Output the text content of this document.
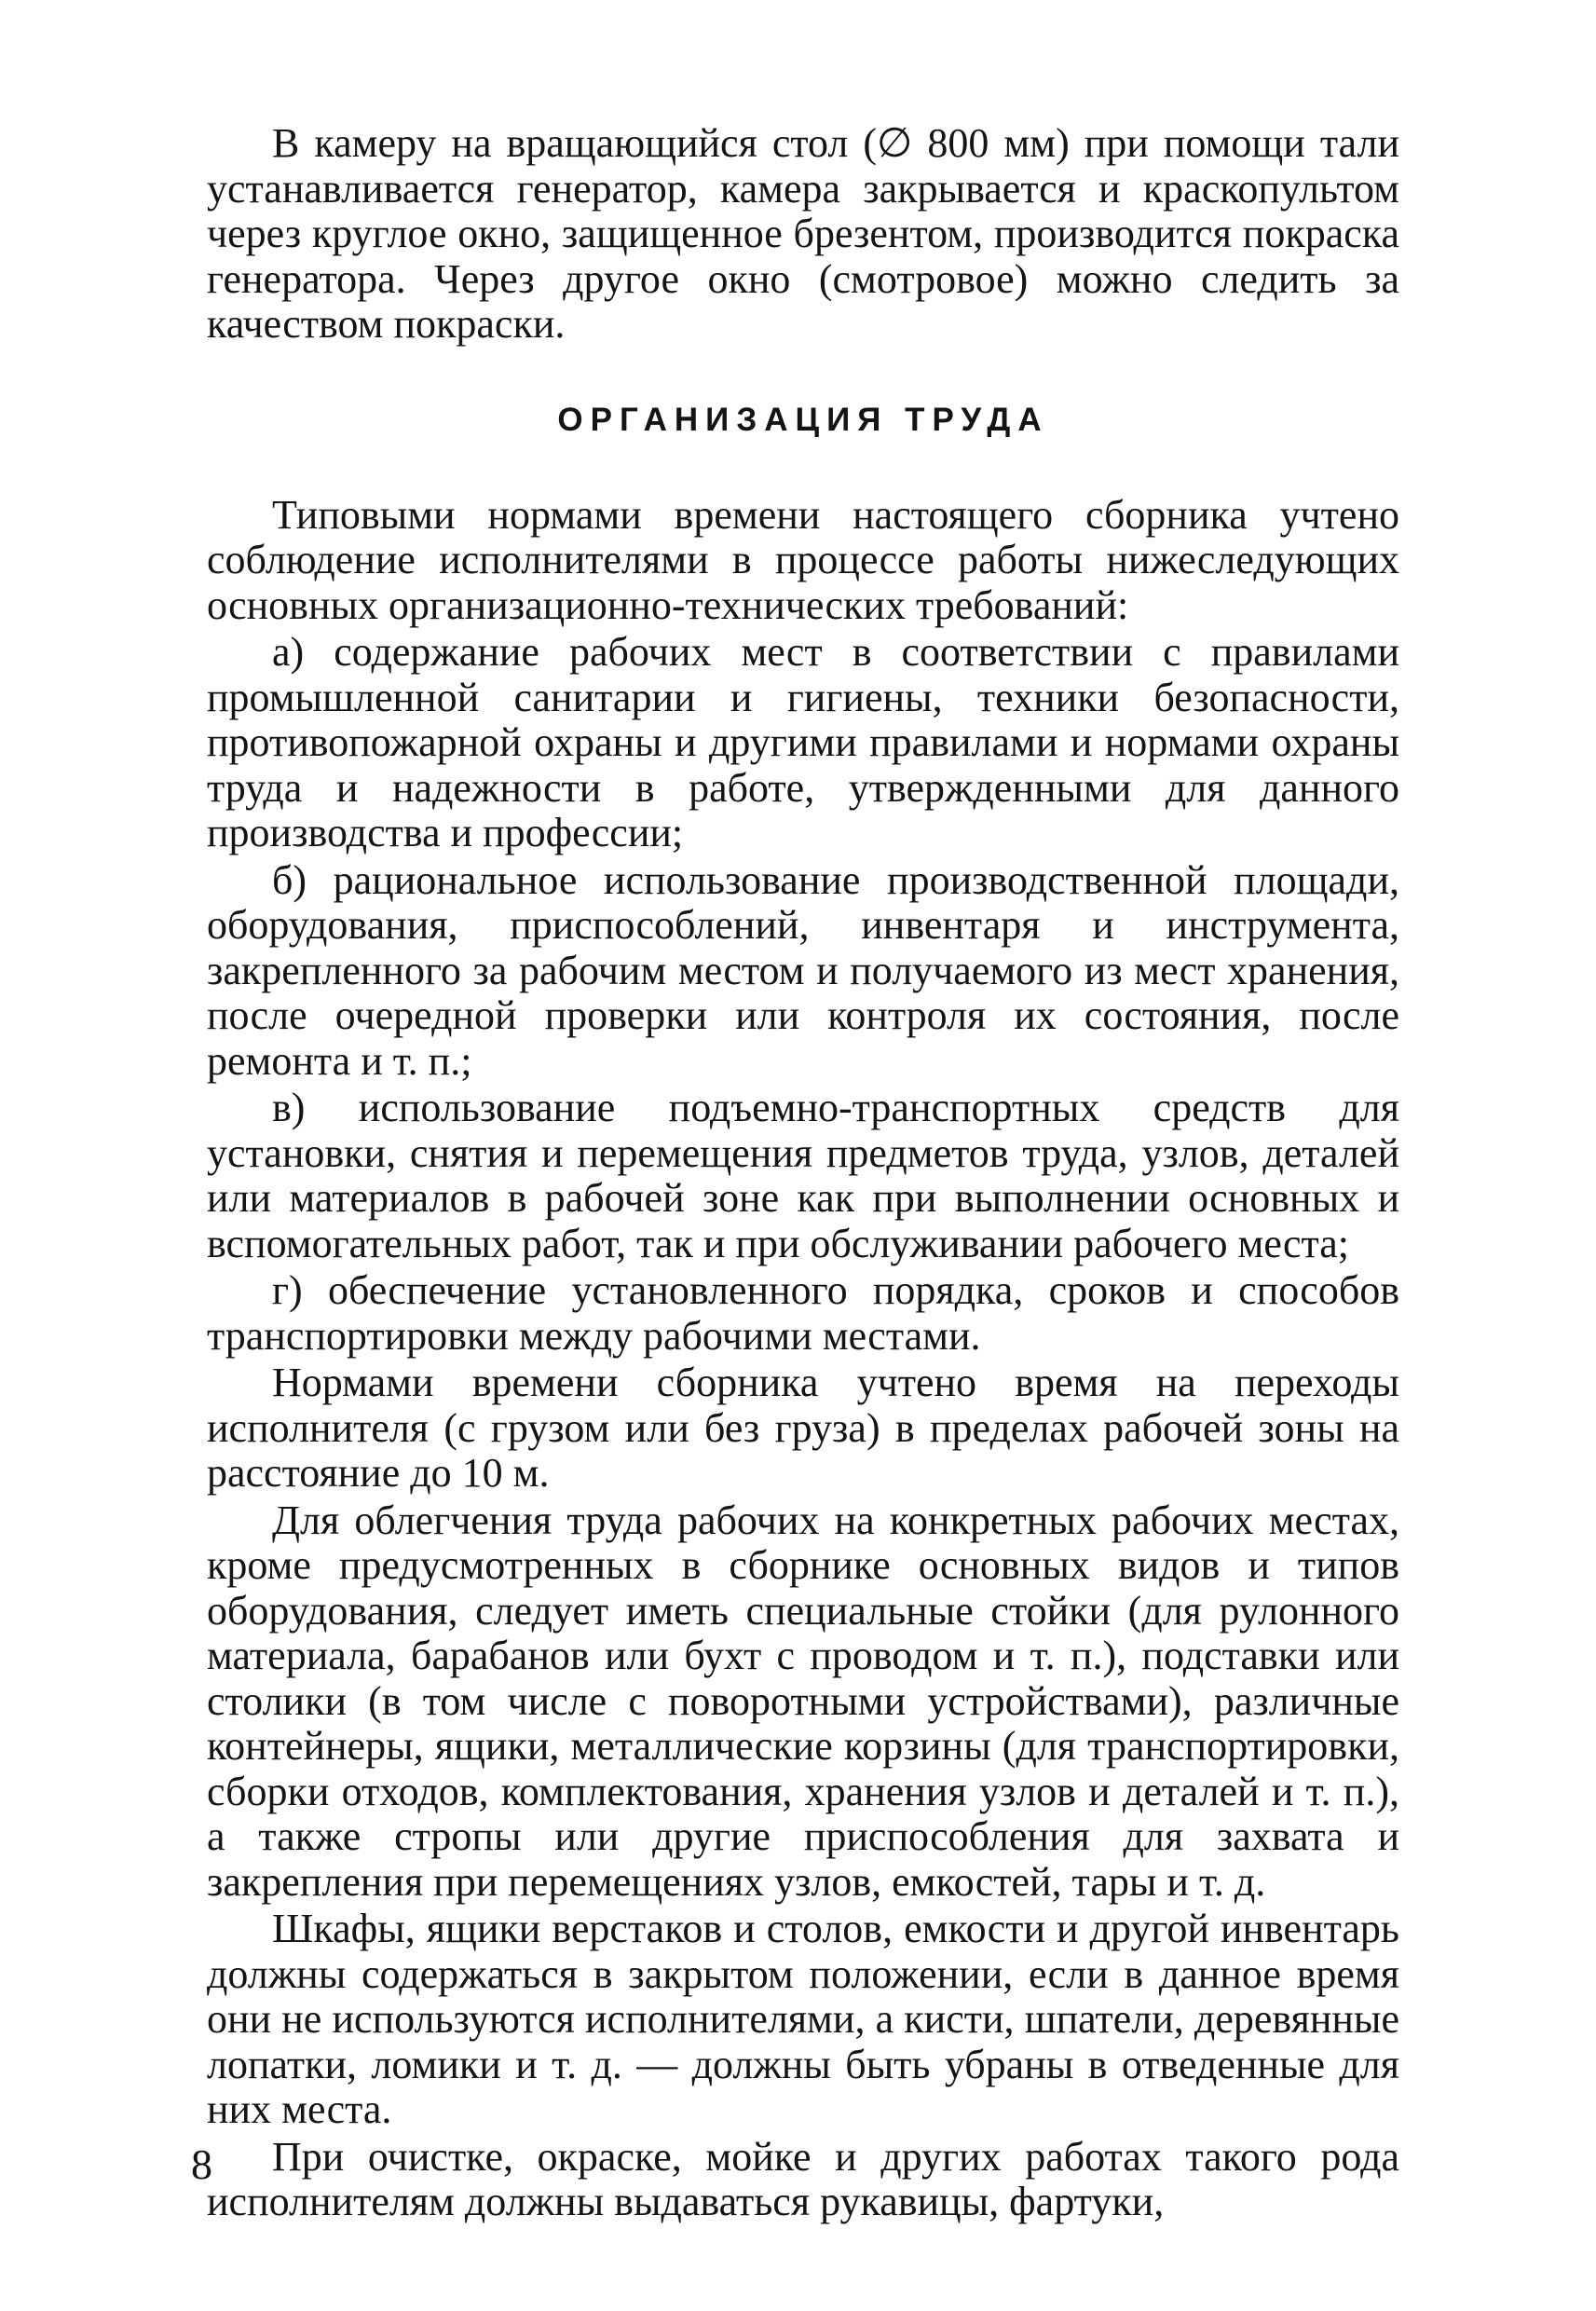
В камеру на вращающийся стол (∅ 800 мм) при помощи тали устанавливается генератор, камера закрывается и краскопультом через круглое окно, защищенное брезентом, производится покраска генератора. Через другое окно (смотровое) можно следить за качеством покраски.

ОРГАНИЗАЦИЯ ТРУДА

Типовыми нормами времени настоящего сборника учтено соблюдение исполнителями в процессе работы нижеследующих основных организационно-технических требований:

а) содержание рабочих мест в соответствии с правилами промышленной санитарии и гигиены, техники безопасности, противопожарной охраны и другими правилами и нормами охраны труда и надежности в работе, утвержденными для данного производства и профессии;

б) рациональное использование производственной площади, оборудования, приспособлений, инвентаря и инструмента, закрепленного за рабочим местом и получаемого из мест хранения, после очередной проверки или контроля их состояния, после ремонта и т. п.;

в) использование подъемно-транспортных средств для установки, снятия и перемещения предметов труда, узлов, деталей или материалов в рабочей зоне как при выполнении основных и вспомогательных работ, так и при обслуживании рабочего места;

г) обеспечение установленного порядка, сроков и способов транспортировки между рабочими местами.

Нормами времени сборника учтено время на переходы исполнителя (с грузом или без груза) в пределах рабочей зоны на расстояние до 10 м.

Для облегчения труда рабочих на конкретных рабочих местах, кроме предусмотренных в сборнике основных видов и типов оборудования, следует иметь специальные стойки (для рулонного материала, барабанов или бухт с проводом и т. п.), подставки или столики (в том числе с поворотными устройствами), различные контейнеры, ящики, металлические корзины (для транспортировки, сборки отходов, комплектования, хранения узлов и деталей и т. п.), а также стропы или другие приспособления для захвата и закрепления при перемещениях узлов, емкостей, тары и т. д.

Шкафы, ящики верстаков и столов, емкости и другой инвентарь должны содержаться в закрытом положении, если в данное время они не используются исполнителями, а кисти, шпатели, деревянные лопатки, ломики и т. д. — должны быть убраны в отведенные для них места.

При очистке, окраске, мойке и других работах такого рода исполнителям должны выдаваться рукавицы, фартуки,

8
